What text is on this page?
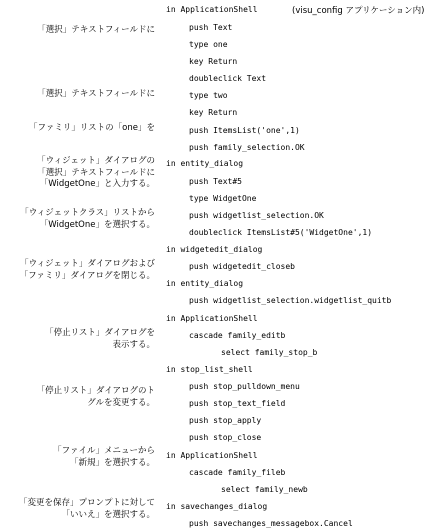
(visu_config アプリケーション内)
「選択」テキストフィールドに
「選択」テキストフィールドに
「ファミリ」リストの「one」を
「ウィジェット」ダイアログの
「選択」テキストフィールドに
「WidgetOne」と入力する。
「ウィジェットクラス」リストから
「WidgetOne」を選択する。
「ウィジェット」ダイアログおよび
「ファミリ」ダイアログを閉じる。
「停止リスト」ダイアログを
表示する。
「停止リスト」ダイアログのト
グルを変更する。
「ファイル」メニューから
「新規」を選択する。
「変更を保存」プロンプトに対して
「いいえ」を選択する。
in ApplicationShell
push Text
type one
key Return
doubleclick Text
type two
key Return
push ItemsList('one',1)
push family_selection.OK
in entity_dialog
push Text#5
type WidgetOne
push widgetlist_selection.OK
doubleclick ItemsList#5('WidgetOne',1)
in widgetedit_dialog
push widgetedit_closeb
in entity_dialog
push widgetlist_selection.widgetlist_quitb
in ApplicationShell
cascade family_editb
select family_stop_b
in stop_list_shell
push stop_pulldown_menu
push stop_text_field
push stop_apply
push stop_close
in ApplicationShell
cascade family_fileb
select family_newb
in savechanges_dialog
push savechanges_messagebox.Cancel
